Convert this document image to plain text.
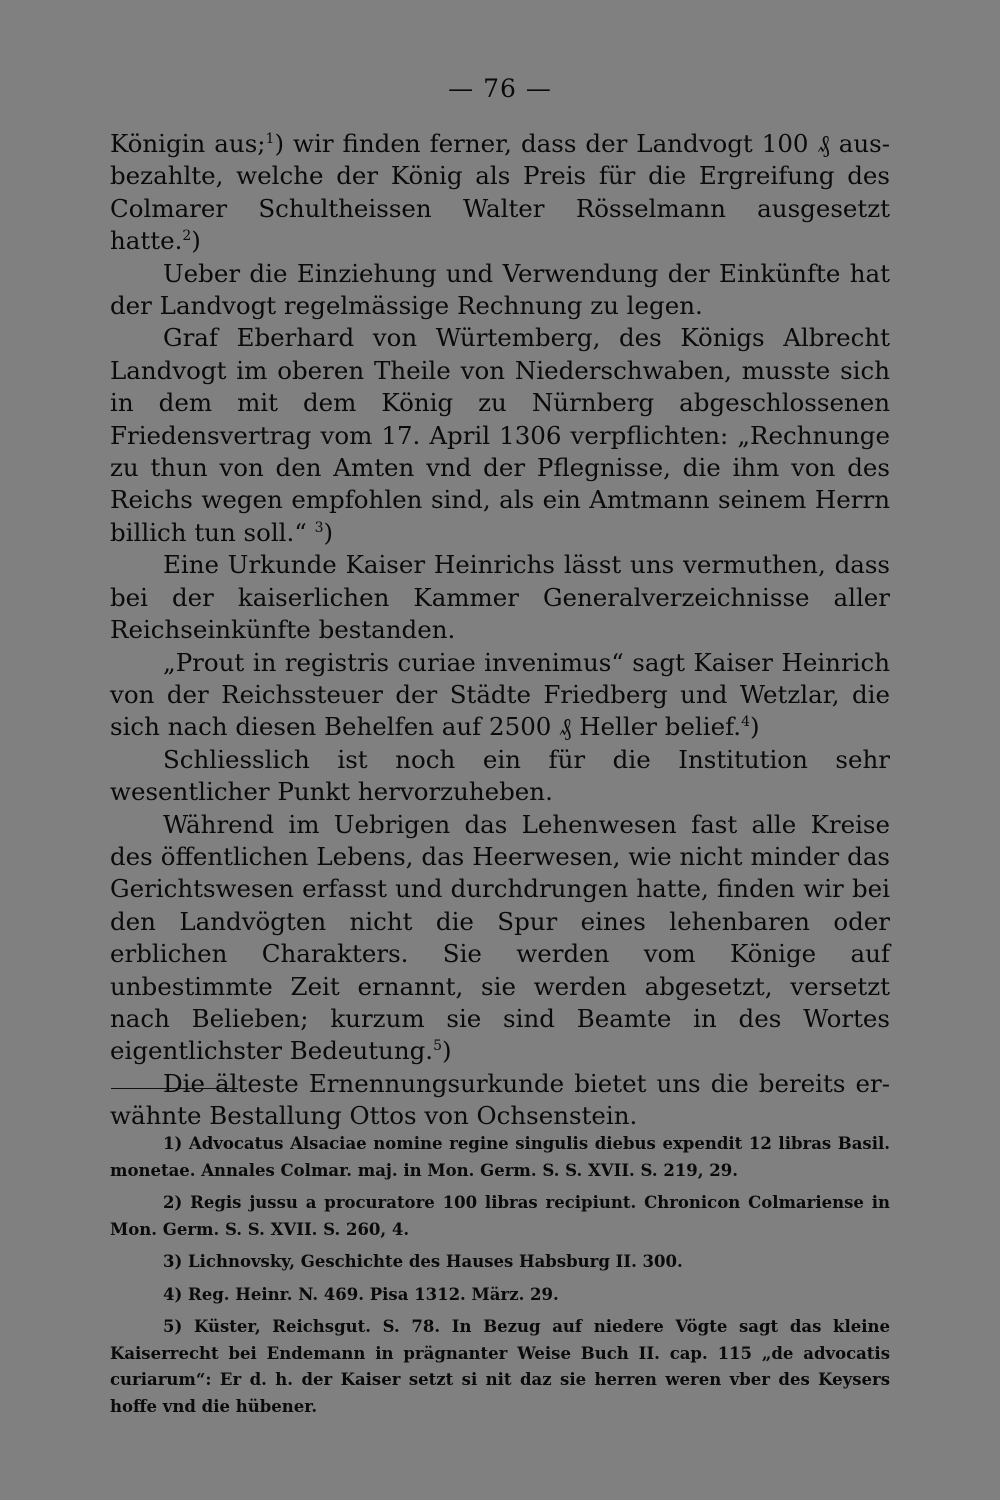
— 76 —

Königin aus;$^1$) wir finden ferner, dass der Landvogt 100 ₰ ausbezahlte, welche der König als Preis für die Ergreifung des Colmarer Schultheissen Walter Rösselmann ausgesetzt hatte.$^2$)

Ueber die Einziehung und Verwendung der Einkünfte hat der Landvogt regelmässige Rechnung zu legen.

Graf Eberhard von Würtemberg, des Königs Albrecht Landvogt im oberen Theile von Niederschwaben, musste sich in dem mit dem König zu Nürnberg abgeschlossenen Friedensvertrag vom 17. April 1306 verpflichten: „Rechnunge zu thun von den Amten vnd der Pflegnisse, die ihm von des Reichs wegen empfohlen sind, als ein Amtmann seinem Herrn billich tun soll.“ $^3$)

Eine Urkunde Kaiser Heinrichs lässt uns vermuthen, dass bei der kaiserlichen Kammer Generalverzeichnisse aller Reichseinkünfte bestanden.

„Prout in registris curiae invenimus“ sagt Kaiser Heinrich von der Reichssteuer der Städte Friedberg und Wetzlar, die sich nach diesen Behelfen auf 2500 ₰ Heller belief.$^4$)

Schliesslich ist noch ein für die Institution sehr wesentlicher Punkt hervorzuheben.

Während im Uebrigen das Lehenwesen fast alle Kreise des öffentlichen Lebens, das Heerwesen, wie nicht minder das Gerichtswesen erfasst und durchdrungen hatte, finden wir bei den Landvögten nicht die Spur eines lehenbaren oder erblichen Charakters. Sie werden vom Könige auf unbestimmte Zeit ernannt, sie werden abgesetzt, versetzt nach Belieben; kurzum sie sind Beamte in des Wortes eigentlichster Bedeutung.$^5$)

Die älteste Ernennungsurkunde bietet uns die bereits erwähnte Bestallung Ottos von Ochsenstein.

1) Advocatus Alsaciae nomine regine singulis diebus expendit 12 libras Basil. monetae. Annales Colmar. maj. in Mon. Germ. S. S. XVII. S. 219, 29.

2) Regis jussu a procuratore 100 libras recipiunt. Chronicon Colmariense in Mon. Germ. S. S. XVII. S. 260, 4.

3) Lichnovsky, Geschichte des Hauses Habsburg II. 300.

4) Reg. Heinr. N. 469. Pisa 1312. März. 29.

5) Küster, Reichsgut. S. 78. In Bezug auf niedere Vögte sagt das kleine Kaiserrecht bei Endemann in prägnanter Weise Buch II. cap. 115 „de advocatis curiarum“: Er d. h. der Kaiser setzt si nit daz sie herren weren vber des Keysers hoffe vnd die hübener.
